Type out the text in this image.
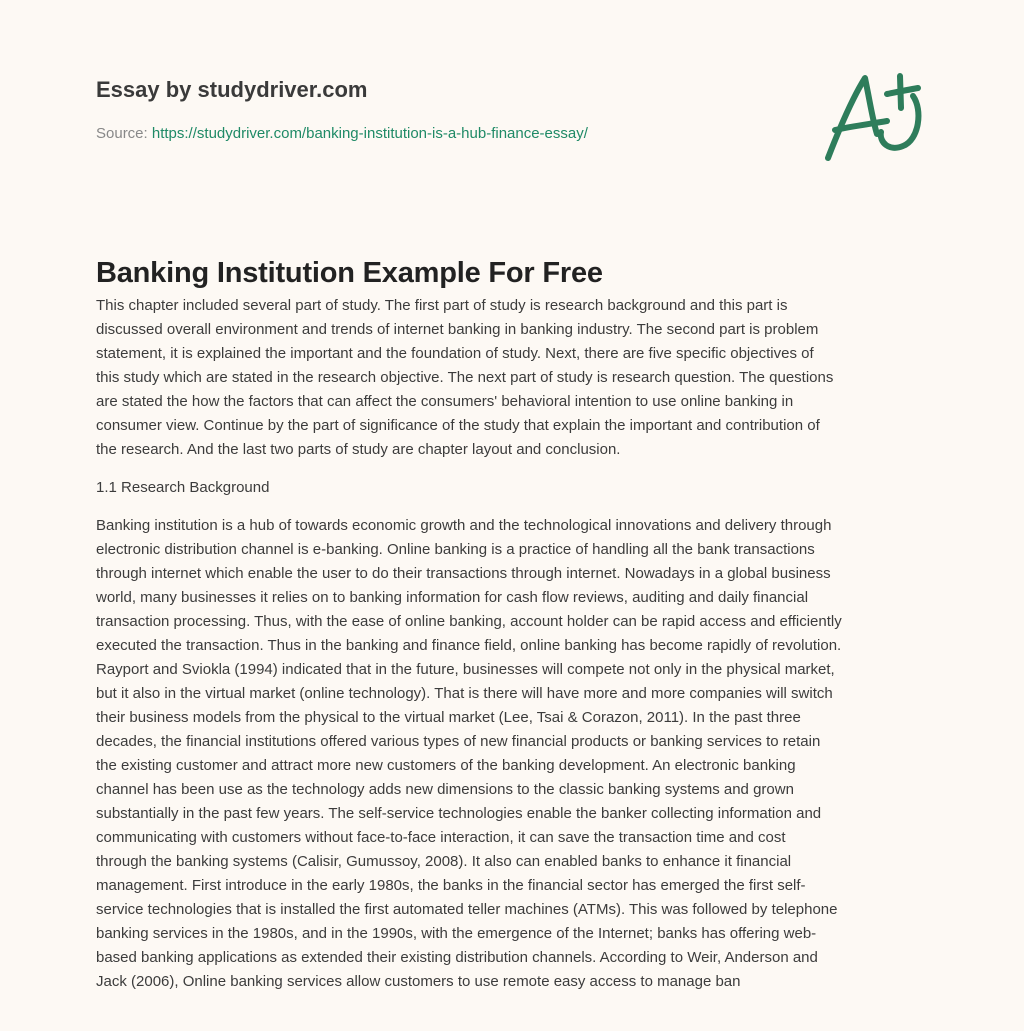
Essay by studydriver.com
Source: https://studydriver.com/banking-institution-is-a-hub-finance-essay/
Banking Institution Example For Free

This chapter included several part of study. The first part of study is research background and this part is
discussed overall environment and trends of internet banking in banking industry. The second part is problem
statement, it is explained the important and the foundation of study. Next, there are five specific objectives of
this study which are stated in the research objective. The next part of study is research question. The questions
are stated the how the factors that can affect the consumers' behavioral intention to use online banking in
consumer view. Continue by the part of significance of the study that explain the important and contribution of
the research. And the last two parts of study are chapter layout and conclusion.

1.1 Research Background

Banking institution is a hub of towards economic growth and the technological innovations and delivery through
electronic distribution channel is e-banking. Online banking is a practice of handling all the bank transactions
through internet which enable the user to do their transactions through internet. Nowadays in a global business
world, many businesses it relies on to banking information for cash flow reviews, auditing and daily financial
transaction processing. Thus, with the ease of online banking, account holder can be rapid access and efficiently
executed the transaction. Thus in the banking and finance field, online banking has become rapidly of revolution.
Rayport and Sviokla (1994) indicated that in the future, businesses will compete not only in the physical market,
but it also in the virtual market (online technology). That is there will have more and more companies will switch
their business models from the physical to the virtual market (Lee, Tsai & Corazon, 2011). In the past three
decades, the financial institutions offered various types of new financial products or banking services to retain
the existing customer and attract more new customers of the banking development. An electronic banking
channel has been use as the technology adds new dimensions to the classic banking systems and grown
substantially in the past few years. The self-service technologies enable the banker collecting information and
communicating with customers without face-to-face interaction, it can save the transaction time and cost
through the banking systems (Calisir, Gumussoy, 2008). It also can enabled banks to enhance it financial
management. First introduce in the early 1980s, the banks in the financial sector has emerged the first self-
service technologies that is installed the first automated teller machines (ATMs). This was followed by telephone
banking services in the 1980s, and in the 1990s, with the emergence of the Internet; banks has offering web-
based banking applications as extended their existing distribution channels. According to Weir, Anderson and
Jack (2006), Online banking services allow customers to use remote easy access to manage ban
